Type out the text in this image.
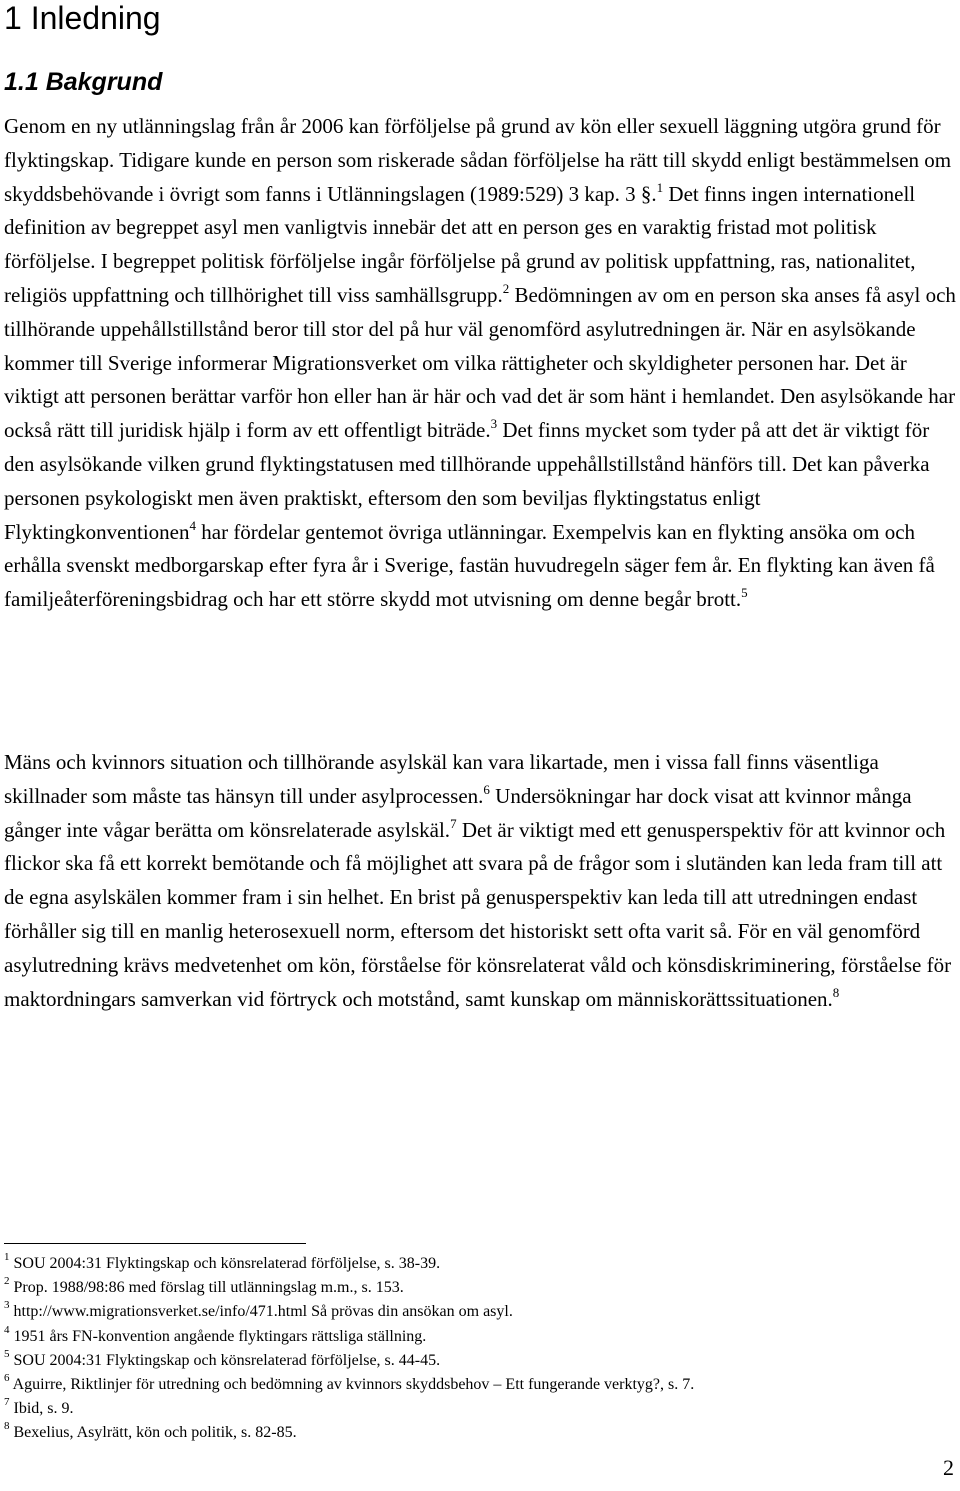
1 Inledning
1.1 Bakgrund

Genom en ny utlänningslag från år 2006 kan förföljelse på grund av kön eller sexuell läggning utgöra grund för flyktingskap. Tidigare kunde en person som riskerade sådan förföljelse ha rätt till skydd enligt bestämmelsen om skyddsbehövande i övrigt som fanns i Utlänningslagen (1989:529) 3 kap. 3 §.$^1$ Det finns ingen internationell definition av begreppet asyl men vanligtvis innebär det att en person ges en varaktig fristad mot politisk förföljelse. I begreppet politisk förföljelse ingår förföljelse på grund av politisk uppfattning, ras, nationalitet, religiös uppfattning och tillhörighet till viss samhällsgrupp.$^2$ Bedömningen av om en person ska anses få asyl och tillhörande uppehållstillstånd beror till stor del på hur väl genomförd asylutredningen är. När en asylsökande kommer till Sverige informerar Migrationsverket om vilka rättigheter och skyldigheter personen har. Det är viktigt att personen berättar varför hon eller han är här och vad det är som hänt i hemlandet. Den asylsökande har också rätt till juridisk hjälp i form av ett offentligt biträde.$^3$ Det finns mycket som tyder på att det är viktigt för den asylsökande vilken grund flyktingstatusen med tillhörande uppehållstillstånd hänförs till. Det kan påverka personen psykologiskt men även praktiskt, eftersom den som beviljas flyktingstatus enligt Flyktingkonventionen$^4$ har fördelar gentemot övriga utlänningar. Exempelvis kan en flykting ansöka om och erhålla svenskt medborgarskap efter fyra år i Sverige, fastän huvudregeln säger fem år. En flykting kan även få familjeåterföreningsbidrag och har ett större skydd mot utvisning om denne begår brott.$^5$

Mäns och kvinnors situation och tillhörande asylskäl kan vara likartade, men i vissa fall finns väsentliga skillnader som måste tas hänsyn till under asylprocessen.$^6$ Undersökningar har dock visat att kvinnor många gånger inte vågar berätta om könsrelaterade asylskäl.$^7$ Det är viktigt med ett genusperspektiv för att kvinnor och flickor ska få ett korrekt bemötande och få möjlighet att svara på de frågor som i slutänden kan leda fram till att de egna asylskälen kommer fram i sin helhet. En brist på genusperspektiv kan leda till att utredningen endast förhåller sig till en manlig heterosexuell norm, eftersom det historiskt sett ofta varit så. För en väl genomförd asylutredning krävs medvetenhet om kön, förståelse för könsrelaterat våld och könsdiskriminering, förståelse för maktordningars samverkan vid förtryck och motstånd, samt kunskap om människorättssituationen.$^8$

$^1$ SOU 2004:31 Flyktingskap och könsrelaterad förföljelse, s. 38-39.
$^2$ Prop. 1988/98:86 med förslag till utlänningslag m.m., s. 153.
$^3$ http://www.migrationsverket.se/info/471.html Så prövas din ansökan om asyl.
$^4$ 1951 års FN-konvention angående flyktingars rättsliga ställning.
$^5$ SOU 2004:31 Flyktingskap och könsrelaterad förföljelse, s. 44-45.
$^6$ Aguirre, Riktlinjer för utredning och bedömning av kvinnors skyddsbehov – Ett fungerande verktyg?, s. 7.
$^7$ Ibid, s. 9.
$^8$ Bexelius, Asylrätt, kön och politik, s. 82-85.
2
